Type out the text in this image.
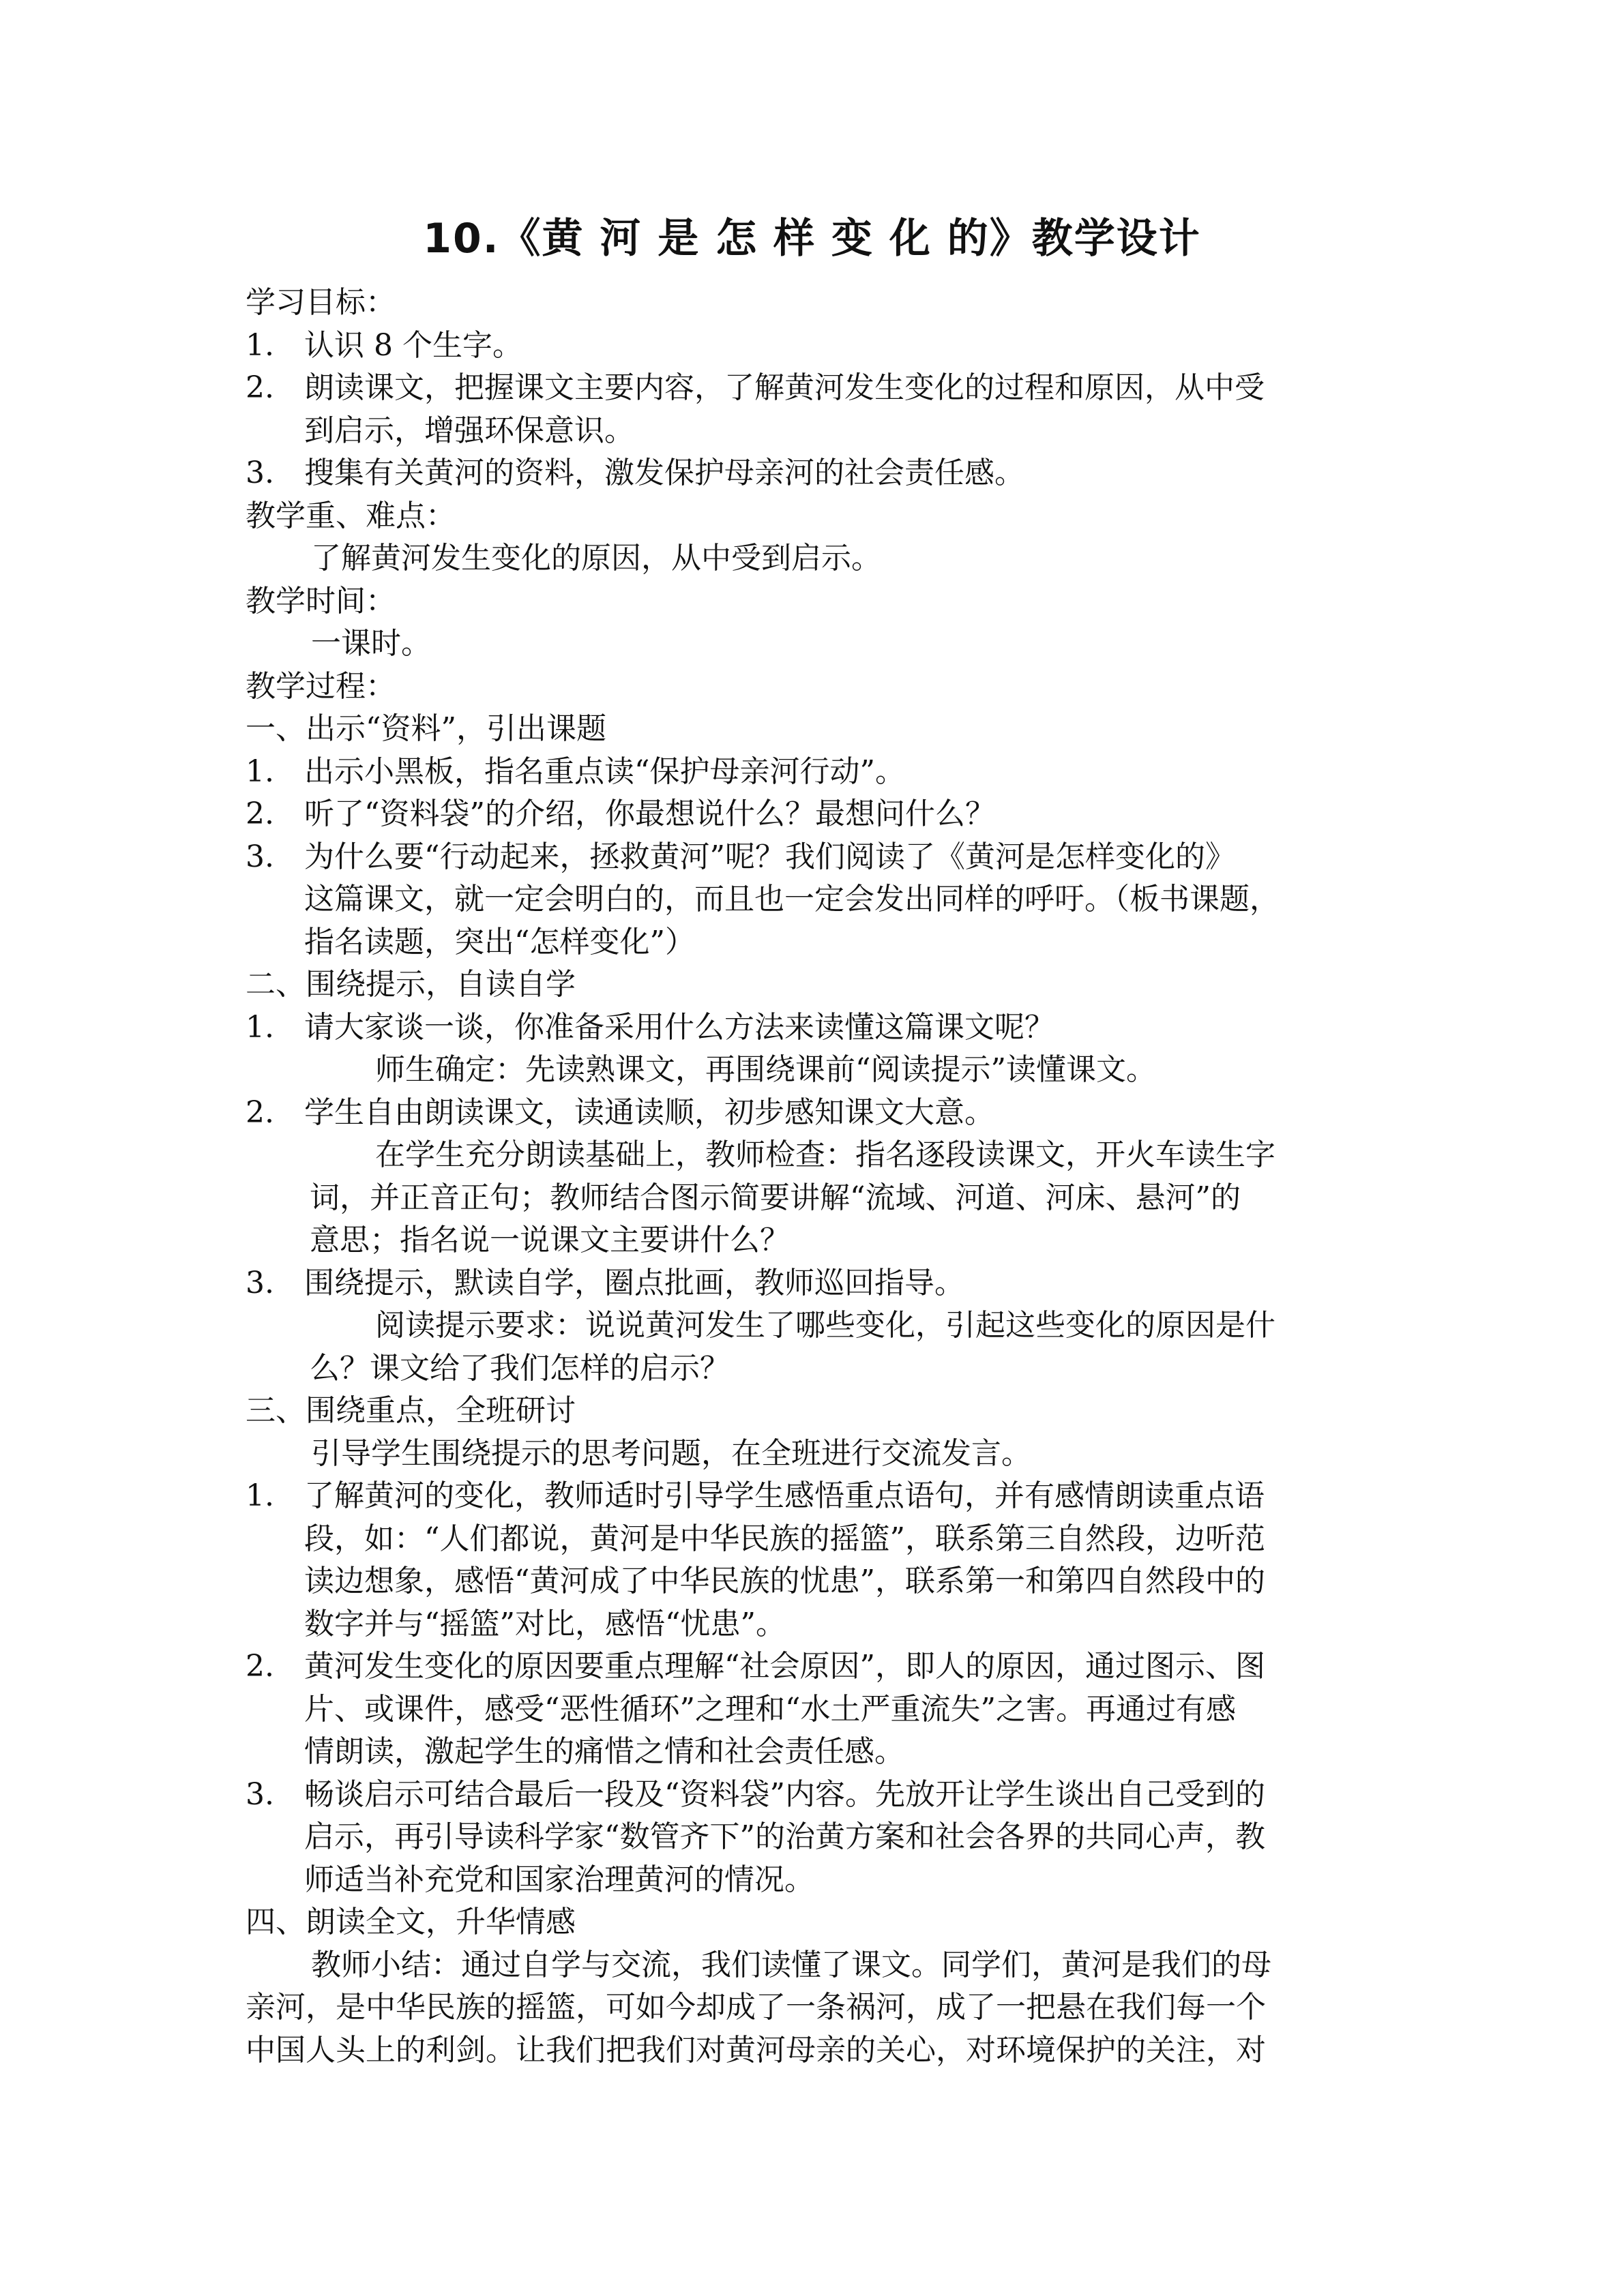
10.《黄 河 是 怎 样 变 化 的》教学设计
学习目标：
1. 认识 8 个生字。
2. 朗读课文，把握课文主要内容，了解黄河发生变化的过程和原因，从中受
到启示，增强环保意识。
3. 搜集有关黄河的资料，激发保护母亲河的社会责任感。
教学重、难点：
了解黄河发生变化的原因，从中受到启示。
教学时间：
一课时。
教学过程：
一、出示“资料”，引出课题
1. 出示小黑板，指名重点读“保护母亲河行动”。
2. 听了“资料袋”的介绍，你最想说什么？最想问什么？
3. 为什么要“行动起来，拯救黄河”呢？我们阅读了《黄河是怎样变化的》
这篇课文，就一定会明白的，而且也一定会发出同样的呼吁。（板书课题，
指名读题，突出“怎样变化”）
二、围绕提示，自读自学
1. 请大家谈一谈，你准备采用什么方法来读懂这篇课文呢？
师生确定：先读熟课文，再围绕课前“阅读提示”读懂课文。
2. 学生自由朗读课文，读通读顺，初步感知课文大意。
在学生充分朗读基础上，教师检查：指名逐段读课文，开火车读生字
词，并正音正句；教师结合图示简要讲解“流域、河道、河床、悬河”的
意思；指名说一说课文主要讲什么？
3. 围绕提示，默读自学，圈点批画，教师巡回指导。
阅读提示要求：说说黄河发生了哪些变化，引起这些变化的原因是什
么？课文给了我们怎样的启示？
三、围绕重点，全班研讨
引导学生围绕提示的思考问题，在全班进行交流发言。
1. 了解黄河的变化，教师适时引导学生感悟重点语句，并有感情朗读重点语
段，如：“人们都说，黄河是中华民族的摇篮”，联系第三自然段，边听范
读边想象，感悟“黄河成了中华民族的忧患”，联系第一和第四自然段中的
数字并与“摇篮”对比，感悟“忧患”。
2. 黄河发生变化的原因要重点理解“社会原因”，即人的原因，通过图示、图
片、或课件，感受“恶性循环”之理和“水土严重流失”之害。再通过有感
情朗读，激起学生的痛惜之情和社会责任感。
3. 畅谈启示可结合最后一段及“资料袋”内容。先放开让学生谈出自己受到的
启示，再引导读科学家“数管齐下”的治黄方案和社会各界的共同心声，教
师适当补充党和国家治理黄河的情况。
四、朗读全文，升华情感
教师小结：通过自学与交流，我们读懂了课文。同学们，黄河是我们的母
亲河，是中华民族的摇篮，可如今却成了一条祸河，成了一把悬在我们每一个
中国人头上的利剑。让我们把我们对黄河母亲的关心，对环境保护的关注，对
